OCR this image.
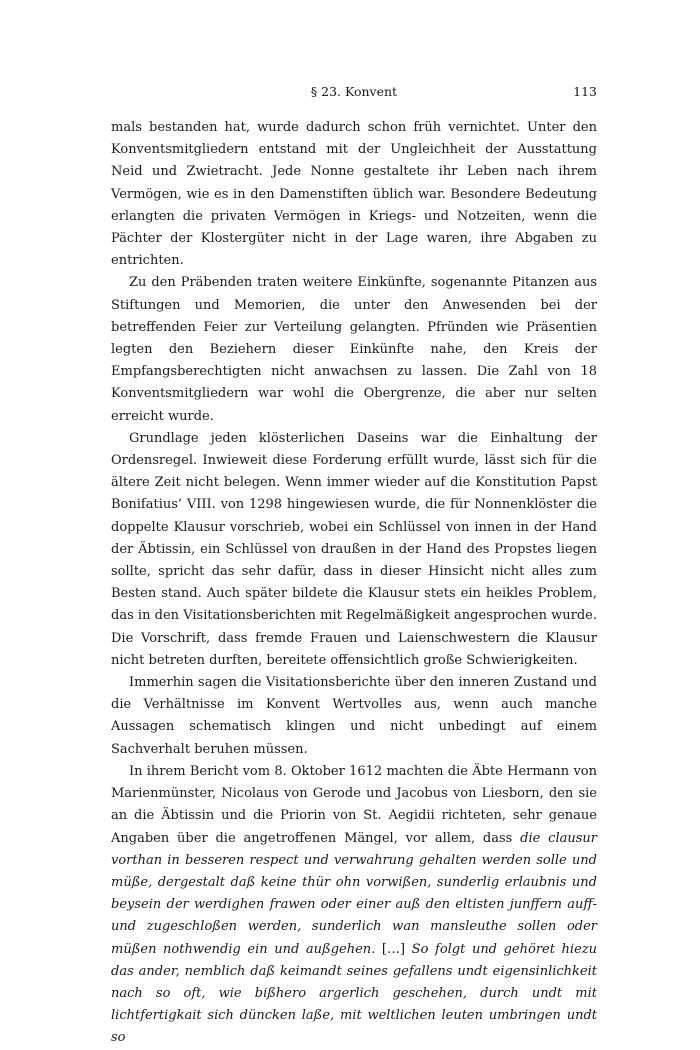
§ 23. Konvent	113

mals bestanden hat, wurde dadurch schon früh vernichtet. Unter den Konventsmitgliedern entstand mit der Ungleichheit der Ausstattung Neid und Zwietracht. Jede Nonne gestaltete ihr Leben nach ihrem Vermögen, wie es in den Damenstiften üblich war. Besondere Bedeutung erlangten die privaten Vermögen in Kriegs- und Notzeiten, wenn die Pächter der Klostergüter nicht in der Lage waren, ihre Abgaben zu entrichten.

Zu den Präbenden traten weitere Einkünfte, sogenannte Pitanzen aus Stiftungen und Memorien, die unter den Anwesenden bei der betreffenden Feier zur Verteilung gelangten. Pfründen wie Präsentien legten den Beziehern dieser Einkünfte nahe, den Kreis der Empfangsberechtigten nicht anwachsen zu lassen. Die Zahl von 18 Konventsmitgliedern war wohl die Obergrenze, die aber nur selten erreicht wurde.

Grundlage jeden klösterlichen Daseins war die Einhaltung der Ordensregel. Inwieweit diese Forderung erfüllt wurde, lässt sich für die ältere Zeit nicht belegen. Wenn immer wieder auf die Konstitution Papst Bonifatius’ VIII. von 1298 hingewiesen wurde, die für Nonnenklöster die doppelte Klausur vorschrieb, wobei ein Schlüssel von innen in der Hand der Äbtissin, ein Schlüssel von draußen in der Hand des Propstes liegen sollte, spricht das sehr dafür, dass in dieser Hinsicht nicht alles zum Besten stand. Auch später bildete die Klausur stets ein heikles Problem, das in den Visitationsberichten mit Regelmäßigkeit angesprochen wurde. Die Vorschrift, dass fremde Frauen und Laienschwestern die Klausur nicht betreten durften, bereitete offensichtlich große Schwierigkeiten.

Immerhin sagen die Visitationsberichte über den inneren Zustand und die Verhältnisse im Konvent Wertvolles aus, wenn auch manche Aussagen schematisch klingen und nicht unbedingt auf einem Sachverhalt beruhen müssen.

In ihrem Bericht vom 8. Oktober 1612 machten die Äbte Hermann von Marienmünster, Nicolaus von Gerode und Jacobus von Liesborn, den sie an die Äbtissin und die Priorin von St. Aegidii richteten, sehr genaue Angaben über die angetroffenen Mängel, vor allem, dass die clausur vorthan in besseren respect und verwahrung gehalten werden solle und müße, dergestalt daß keine thür ohn vorwißen, sunderlig erlaubnis und beysein der werdighen frawen oder einer auß den eltisten junffern auff- und zugeschloßen werden, sunderlich wan mansleuthe sollen oder müßen nothwendig ein und außgehen. […] So folgt und gehöret hiezu das ander, nemblich daß keimandt seines gefallens undt eigensinlichkeit nach so oft, wie bißhero argerlich geschehen, durch undt mit lichtfertigkait sich düncken laße, mit weltlichen leuten umbringen undt so
